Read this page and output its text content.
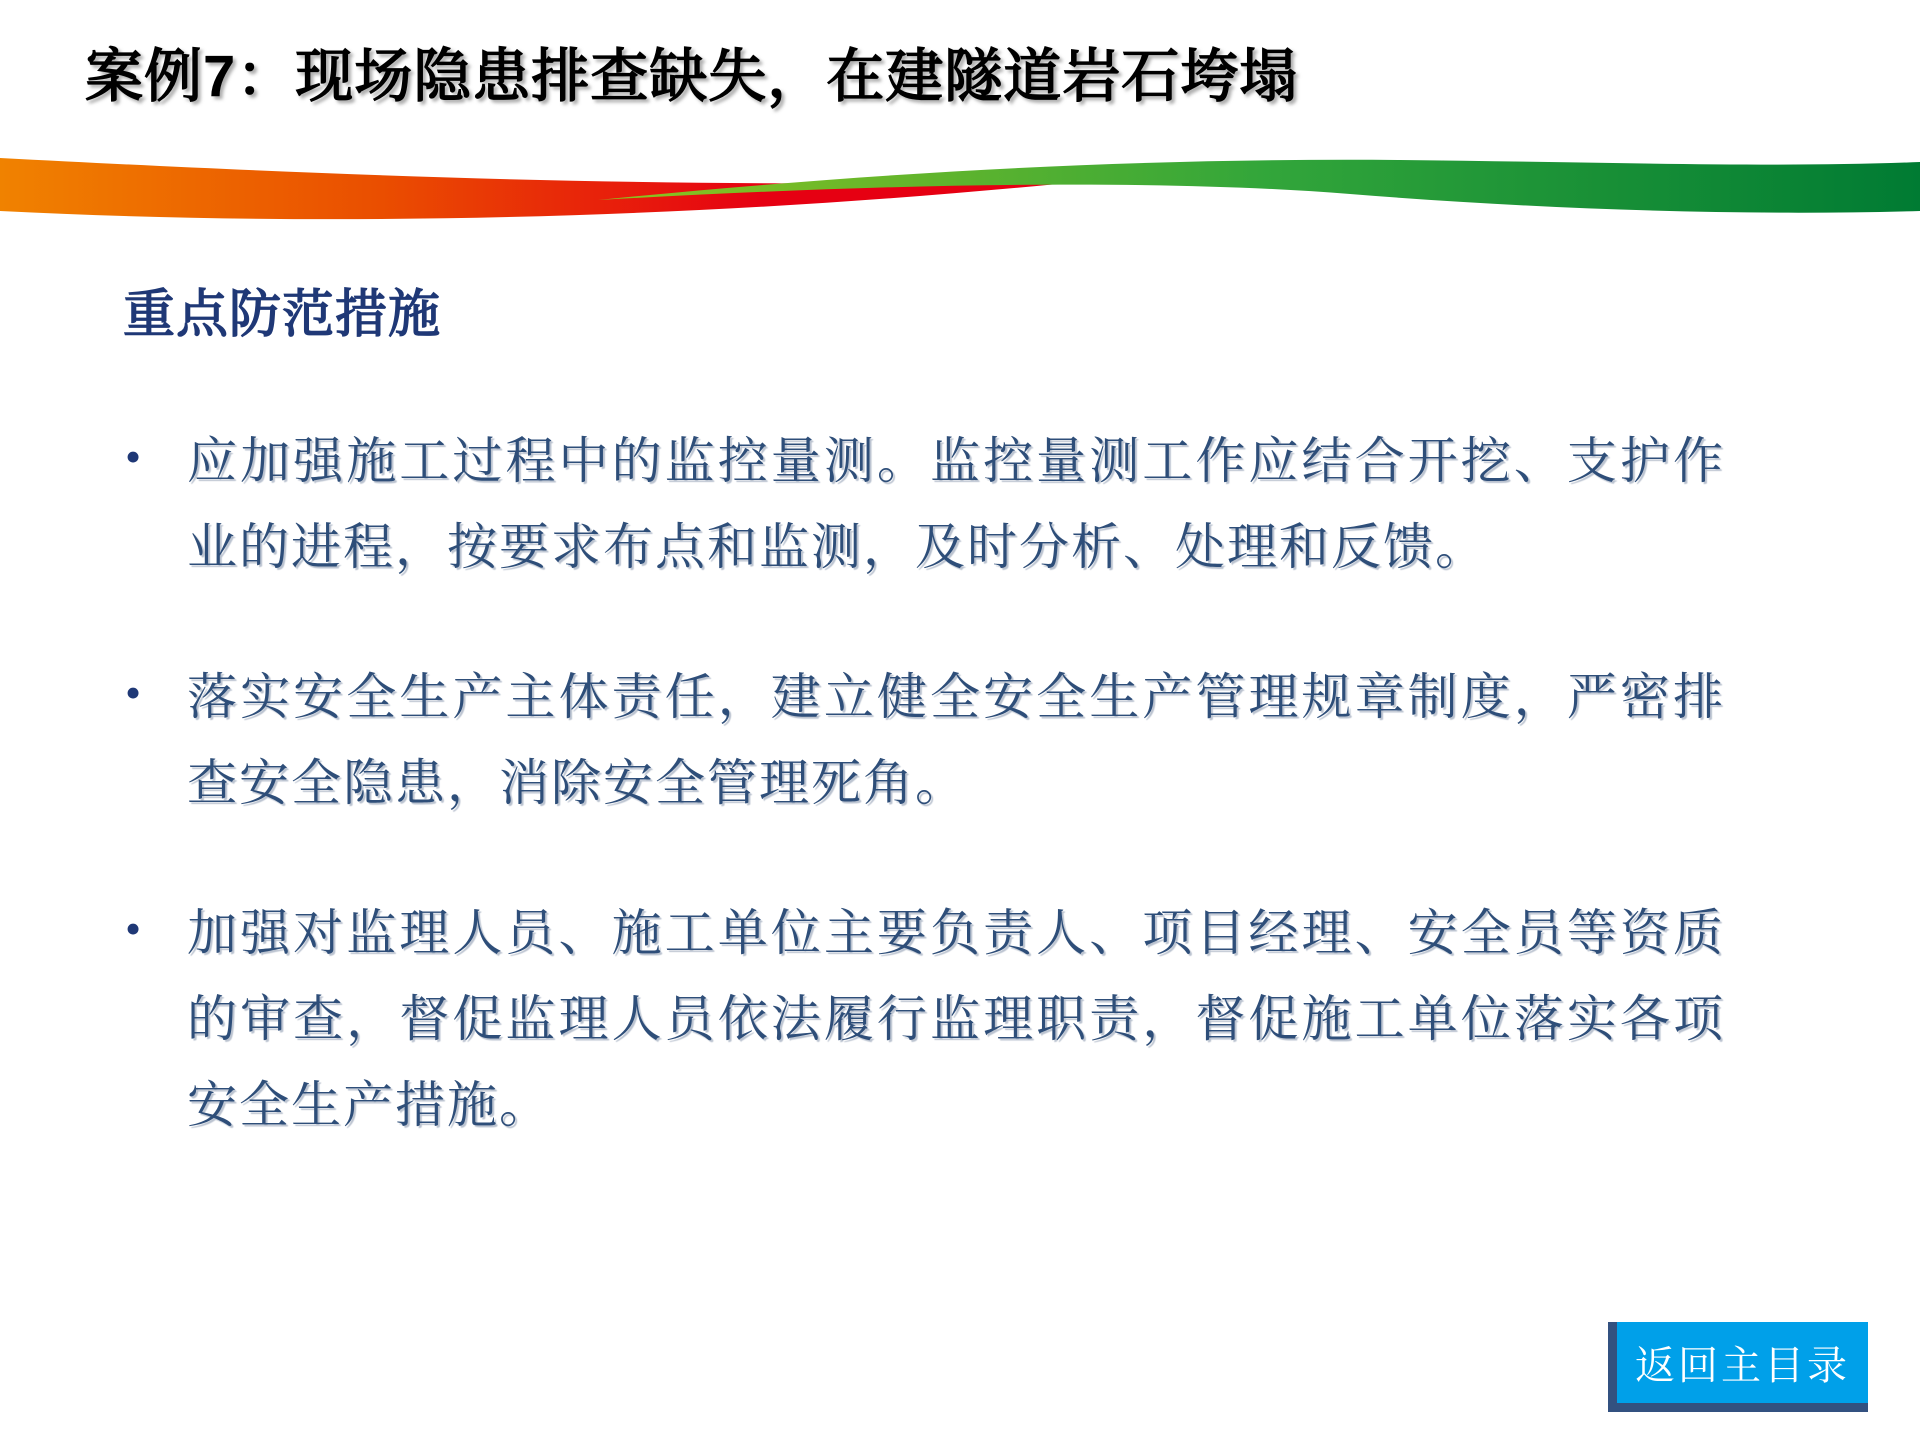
案例7：现场隐患排查缺失，在建隧道岩石垮塌
重点防范措施
• 应加强施工过程中的监控量测。监控量测工作应结合开挖、支护作业的进程，按要求布点和监测，及时分析、处理和反馈。
• 落实安全生产主体责任，建立健全安全生产管理规章制度，严密排查安全隐患，消除安全管理死角。
• 加强对监理人员、施工单位主要负责人、项目经理、安全员等资质的审查，督促监理人员依法履行监理职责，督促施工单位落实各项安全生产措施。
返回主目录
